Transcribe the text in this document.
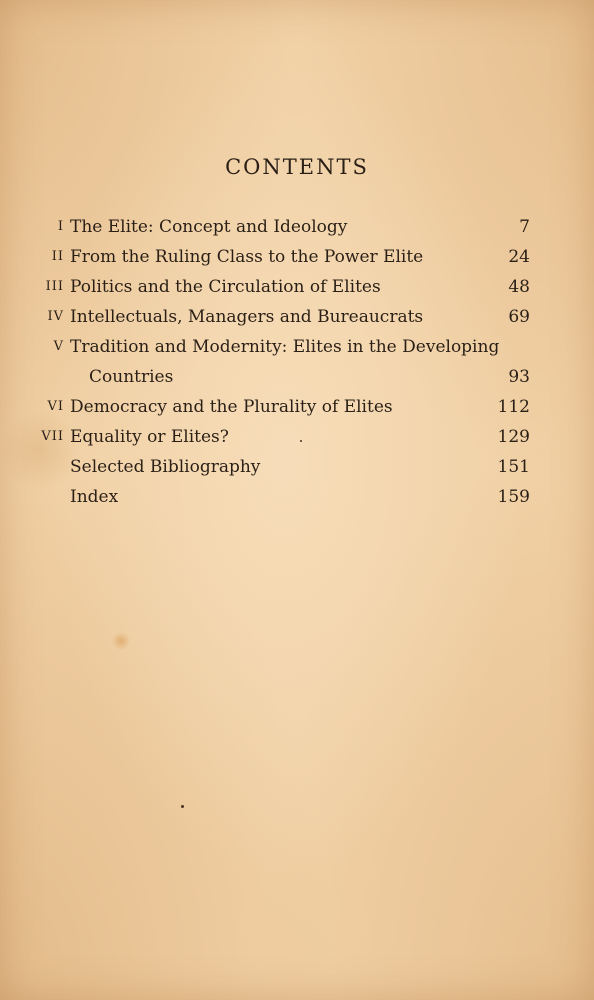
CONTENTS
I The Elite: Concept and Ideology	7
II From the Ruling Class to the Power Elite	24
III Politics and the Circulation of Elites	48
IV Intellectuals, Managers and Bureaucrats	69
V Tradition and Modernity: Elites in the Developing
Countries	93
VI Democracy and the Plurality of Elites	112
VII Equality or Elites?	129
Selected Bibliography	151
Index	159
